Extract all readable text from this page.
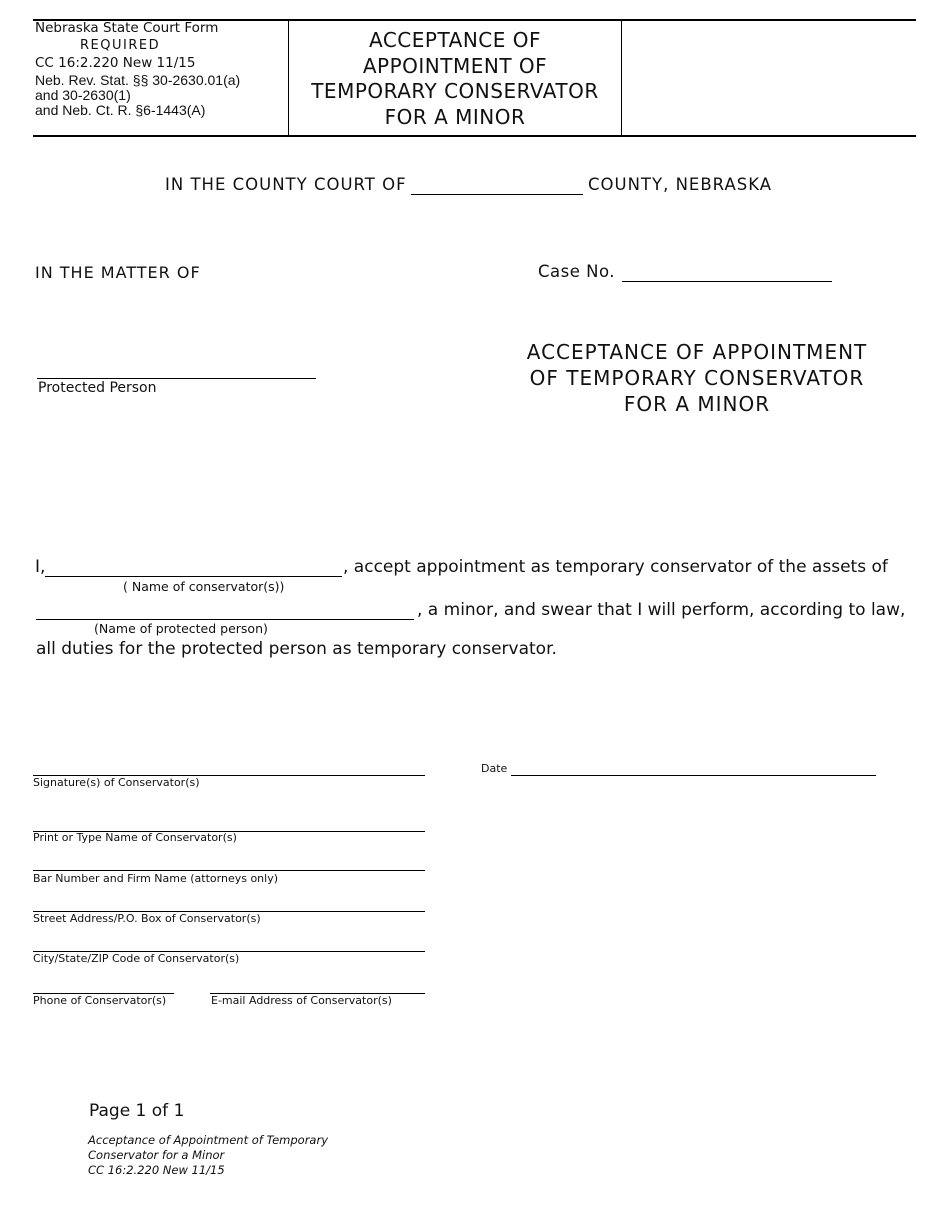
Nebraska State Court Form
REQUIRED
CC 16:2.220 New 11/15
Neb. Rev. Stat. §§ 30-2630.01(a)
and 30-2630(1)
and Neb. Ct. R. §6-1443(A)
ACCEPTANCE OF
APPOINTMENT OF
TEMPORARY CONSERVATOR
FOR A MINOR
IN THE COUNTY COURT OF	COUNTY, NEBRASKA
IN THE MATTER OF	Case No.
Protected Person
ACCEPTANCE OF APPOINTMENT
OF TEMPORARY CONSERVATOR
FOR A MINOR
I,	, accept appointment as temporary conservator of the assets of
( Name of conservator(s))
, a minor, and swear that I will perform, according to law,
(Name of protected person)
all duties for the protected person as temporary conservator.
Signature(s) of Conservator(s)
Date
Print or Type Name of Conservator(s)
Bar Number and Firm Name (attorneys only)
Street Address/P.O. Box of Conservator(s)
City/State/ZIP Code of Conservator(s)
Phone of Conservator(s)	E-mail Address of Conservator(s)
Page 1 of 1
Acceptance of Appointment of Temporary
Conservator for a Minor
CC 16:2.220 New 11/15
